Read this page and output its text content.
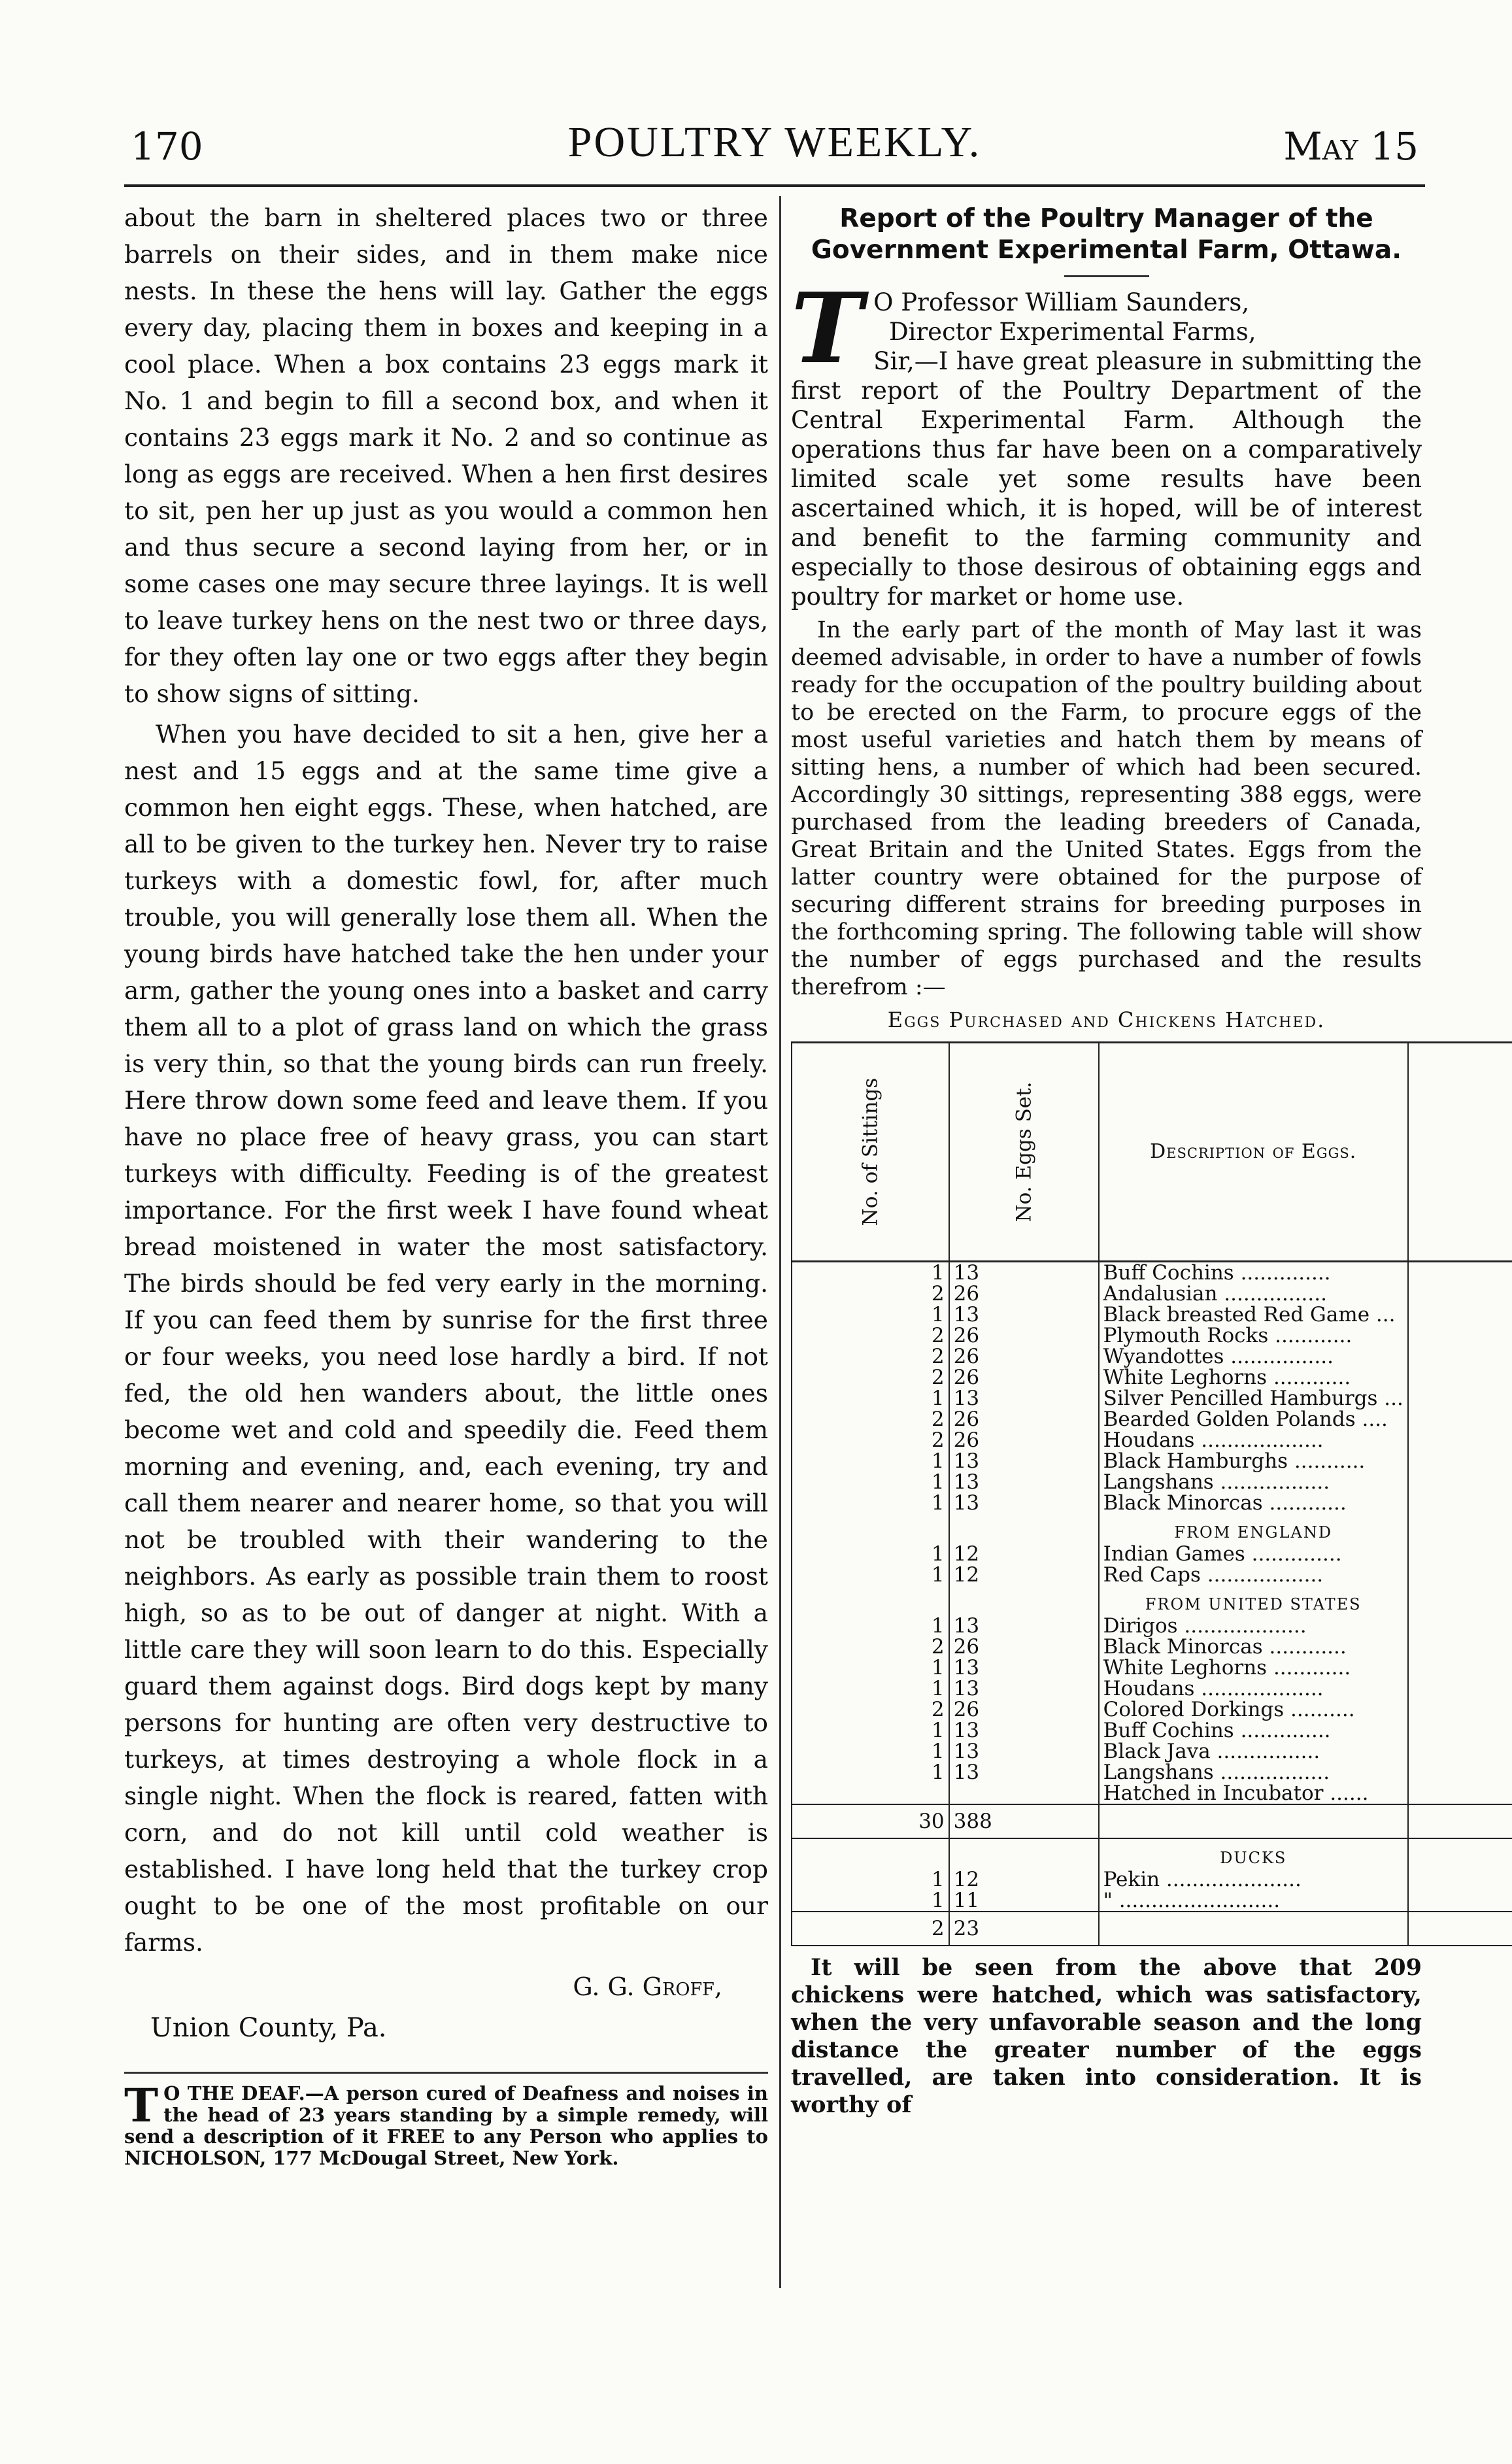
170	POULTRY WEEKLY.	May 15

about the barn in sheltered places two or three barrels on their sides, and in them make nice nests. In these the hens will lay. Gather the eggs every day, placing them in boxes and keeping in a cool place. When a box contains 23 eggs mark it No. 1 and begin to fill a second box, and when it contains 23 eggs mark it No. 2 and so continue as long as eggs are received. When a hen first desires to sit, pen her up just as you would a common hen and thus secure a second laying from her, or in some cases one may secure three layings. It is well to leave turkey hens on the nest two or three days, for they often lay one or two eggs after they begin to show signs of sitting.

When you have decided to sit a hen, give her a nest and 15 eggs and at the same time give a common hen eight eggs. These, when hatched, are all to be given to the turkey hen. Never try to raise turkeys with a domestic fowl, for, after much trouble, you will generally lose them all. When the young birds have hatched take the hen under your arm, gather the young ones into a basket and carry them all to a plot of grass land on which the grass is very thin, so that the young birds can run freely. Here throw down some feed and leave them. If you have no place free of heavy grass, you can start turkeys with difficulty. Feeding is of the greatest importance. For the first week I have found wheat bread moistened in water the most satisfactory. The birds should be fed very early in the morning. If you can feed them by sunrise for the first three or four weeks, you need lose hardly a bird. If not fed, the old hen wanders about, the little ones become wet and cold and speedily die. Feed them morning and evening, and, each evening, try and call them nearer and nearer home, so that you will not be troubled with their wandering to the neighbors. As early as possible train them to roost high, so as to be out of danger at night. With a little care they will soon learn to do this. Especially guard them against dogs. Bird dogs kept by many persons for hunting are often very destructive to turkeys, at times destroying a whole flock in a single night. When the flock is reared, fatten with corn, and do not kill until cold weather is established. I have long held that the turkey crop ought to be one of the most profitable on our farms.

G. G. Groff,
Union County, Pa.
T O THE DEAF.—A person cured of Deafness and noises in the head of 23 years standing by a simple remedy, will send a description of it FREE to any Person who applies to NICHOLSON, 177 McDougal Street, New York.
Report of the Poultry Manager of the Government Experimental Farm, Ottawa.
T O Professor William Saunders,
Director Experimental Farms,

Sir,—I have great pleasure in submitting the first report of the Poultry Department of the Central Experimental Farm. Although the operations thus far have been on a comparatively limited scale yet some results have been ascertained which, it is hoped, will be of interest and benefit to the farming community and especially to those desirous of obtaining eggs and poultry for market or home use.

In the early part of the month of May last it was deemed advisable, in order to have a number of fowls ready for the occupation of the poultry building about to be erected on the Farm, to procure eggs of the most useful varieties and hatch them by means of sitting hens, a number of which had been secured. Accordingly 30 sittings, representing 388 eggs, were purchased from the leading breeders of Canada, Great Britain and the United States. Eggs from the latter country were obtained for the purpose of securing different strains for breeding purposes in the forthcoming spring. The following table will show the number of eggs purchased and the results therefrom :—

Eggs Purchased and Chickens Hatched.
No. of Sittings	No. Eggs Set.	Description of Eggs.		
1	13	Buff Cochins ..............		
2	26	Andalusian ................		
1	13	Black breasted Red Game ...		
2	26	Plymouth Rocks ............		
2	26	Wyandottes ................		
2	26	White Leghorns ............		
1	13	Silver Pencilled Hamburgs ...		
2	26	Bearded Golden Polands ....		
2	26	Houdans ...................		
1	13	Black Hamburghs ...........		
1	13	Langshans .................		
1	13	Black Minorcas ............		
		FROM ENGLAND		
1	12	Indian Games ..............		
1	12	Red Caps ..................		
		FROM UNITED STATES		
1	13	Dirigos ...................		
2	26	Black Minorcas ............		
1	13	White Leghorns ............		
1	13	Houdans ...................		
2	26	Colored Dorkings ..........		
1	13	Buff Cochins ..............		
1	13	Black Java ................		
1	13	Langshans .................		
		Hatched in Incubator ......		
30	388			
		DUCKS		
1	12	Pekin .....................		
1	11	" .........................		
2	23			

It will be seen from the above that 209 chickens were hatched, which was satisfactory, when the very unfavorable season and the long distance the greater number of the eggs travelled, are taken into consideration. It is worthy of
